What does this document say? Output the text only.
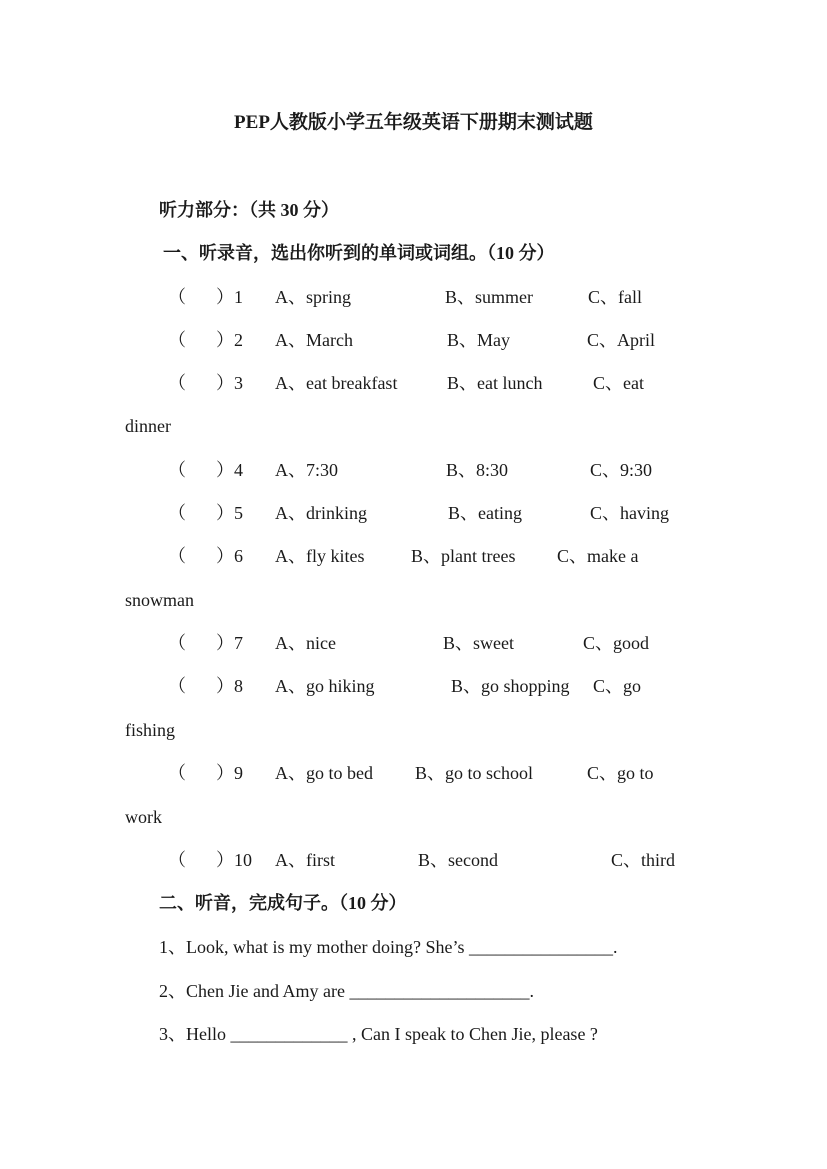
PEP人教版小学五年级英语下册期末测试题
听力部分：（共 30 分）
一、听录音，选出你听到的单词或词组。（10 分）
（ ）1 A、spring	B、summer	C、fall
（ ）2 A、March	B、May	C、April
（ ）3 A、eat breakfast	B、eat lunch	C、eat
dinner
（ ）4 A、7:30	B、8:30	C、9:30
（ ）5 A、drinking	B、eating	C、having
（ ）6 A、fly kites	B、plant trees C、make a
snowman
（ ）7 A、nice	B、sweet	C、good
（ ）8 A、go hiking	B、go shopping C、go
fishing
（ ）9 A、go to bed B、go to school	C、go to
work
（ ）10 A、first	B、second	C、third
二、听音，完成句子。（10 分）
1、Look, what is my mother doing? She’s ________________.
2、Chen Jie and Amy are ____________________.
3、Hello _____________ , Can I speak to Chen Jie, please ?
